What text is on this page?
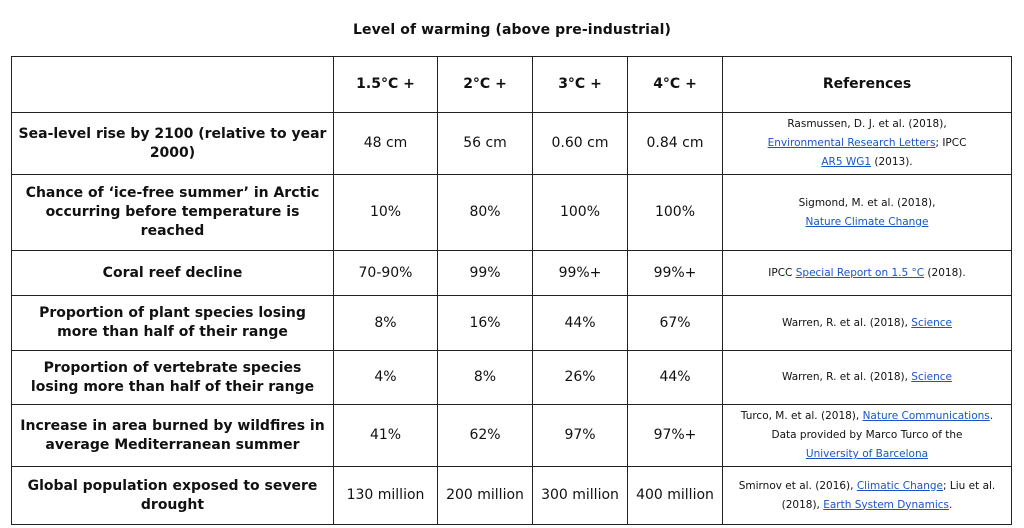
Level of warming (above pre-industrial)
	1.5°C +	2°C +	3°C +	4°C +	References
Sea-level rise by 2100 (relative to year 2000)	48 cm	56 cm	0.60 cm	0.84 cm	Rasmussen, D. J. et al. (2018),
Environmental Research Letters; IPCC
AR5 WG1 (2013).
Chance of ‘ice-free summer’ in Arctic occurring before temperature is reached	10%	80%	100%	100%	Sigmond, M. et al. (2018),
Nature Climate Change
Coral reef decline	70-90%	99%	99%+	99%+	IPCC Special Report on 1.5 °C (2018).
Proportion of plant species losing more than half of their range	8%	16%	44%	67%	Warren, R. et al. (2018), Science
Proportion of vertebrate species losing more than half of their range	4%	8%	26%	44%	Warren, R. et al. (2018), Science
Increase in area burned by wildfires in average Mediterranean summer	41%	62%	97%	97%+	Turco, M. et al. (2018), Nature Communications.
Data provided by Marco Turco of the
University of Barcelona
Global population exposed to severe drought	130 million	200 million	300 million	400 million	Smirnov et al. (2016), Climatic Change; Liu et al.
(2018), Earth System Dynamics.
